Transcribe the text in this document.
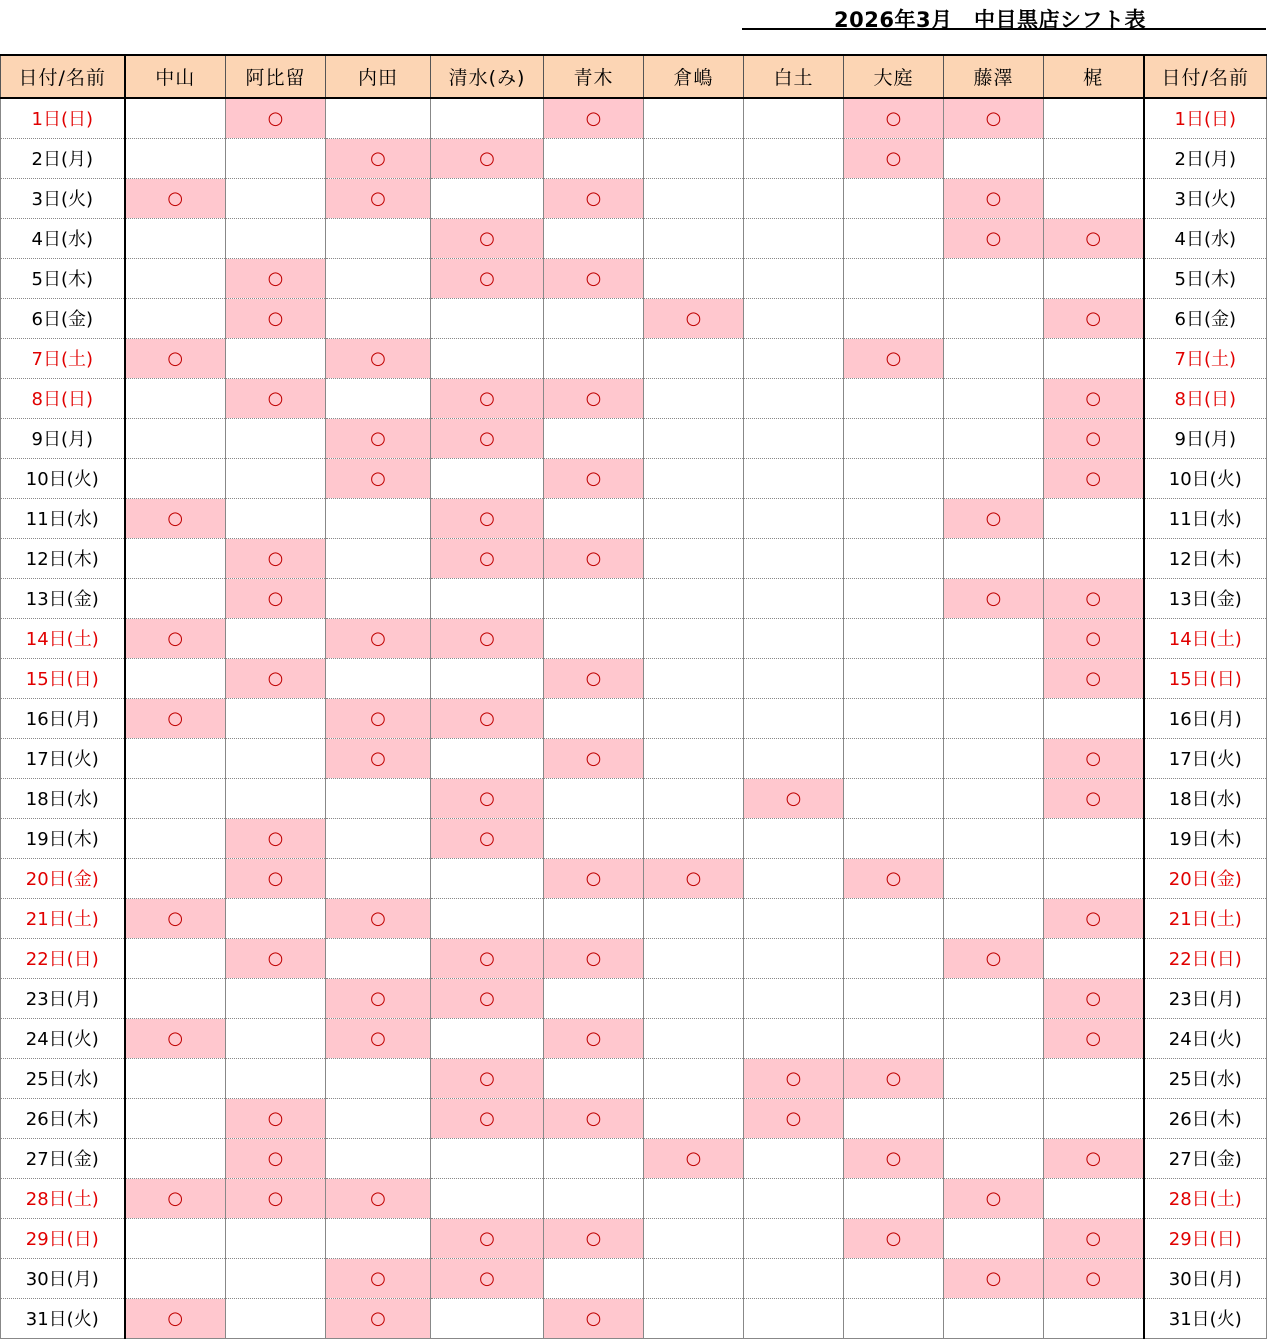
2026年3月　中目黒店シフト表
日付/名前	中山	阿比留	内田	清水(み)	青木	倉嶋	白土	大庭	藤澤	梶	日付/名前
1日(日)		○			○			○	○		1日(日)
2日(月)			○	○				○			2日(月)
3日(火)	○		○		○				○		3日(火)
4日(水)				○					○	○	4日(水)
5日(木)		○		○	○						5日(木)
6日(金)		○				○				○	6日(金)
7日(土)	○		○					○			7日(土)
8日(日)		○		○	○					○	8日(日)
9日(月)			○	○						○	9日(月)
10日(火)			○		○					○	10日(火)
11日(水)	○			○					○		11日(水)
12日(木)		○		○	○						12日(木)
13日(金)		○							○	○	13日(金)
14日(土)	○		○	○						○	14日(土)
15日(日)		○			○					○	15日(日)
16日(月)	○		○	○							16日(月)
17日(火)			○		○					○	17日(火)
18日(水)				○			○			○	18日(水)
19日(木)		○		○							19日(木)
20日(金)		○			○	○		○			20日(金)
21日(土)	○		○							○	21日(土)
22日(日)		○		○	○				○		22日(日)
23日(月)			○	○						○	23日(月)
24日(火)	○		○		○					○	24日(火)
25日(水)				○			○	○			25日(水)
26日(木)		○		○	○		○				26日(木)
27日(金)		○				○		○		○	27日(金)
28日(土)	○	○	○						○		28日(土)
29日(日)				○	○			○		○	29日(日)
30日(月)			○	○					○	○	30日(月)
31日(火)	○		○		○						31日(火)
